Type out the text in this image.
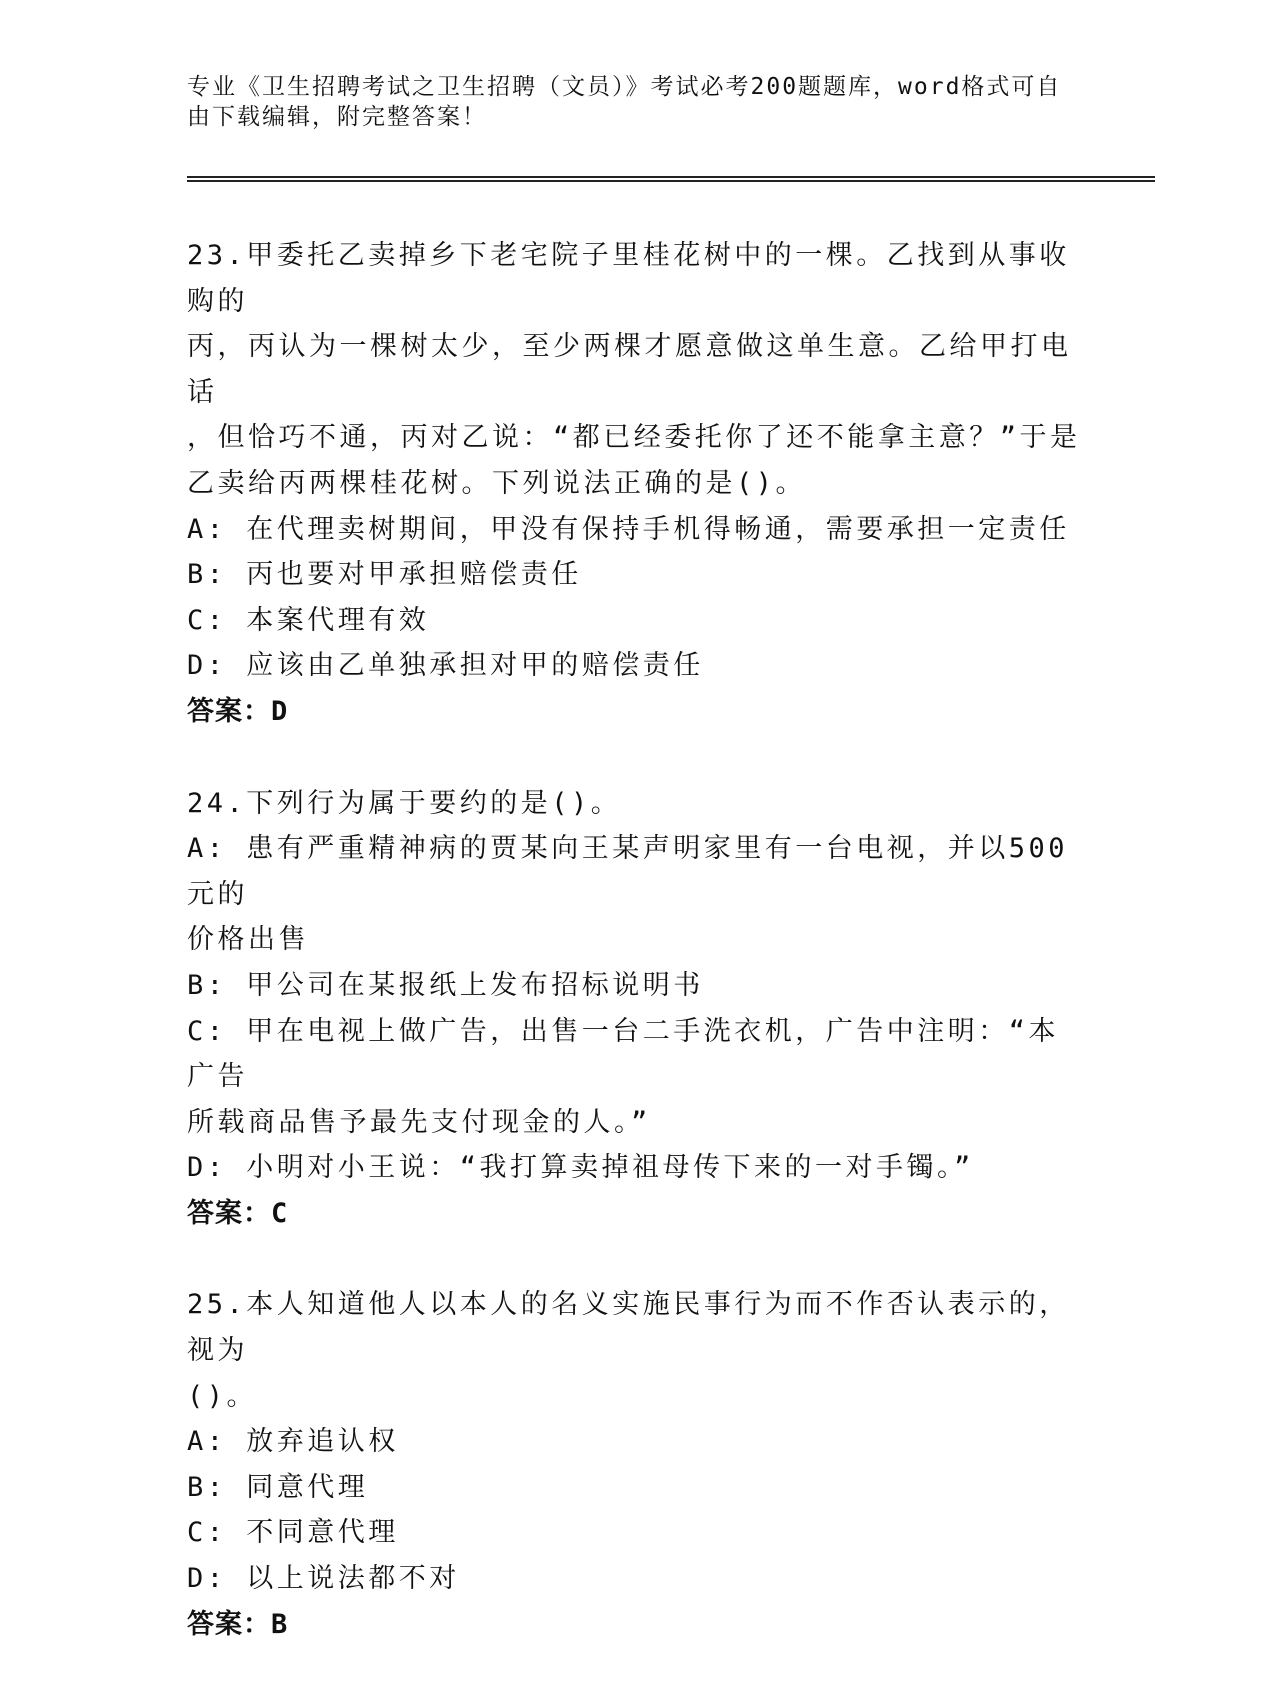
专业《卫生招聘考试之卫生招聘（文员）》考试必考200题题库，word格式可自
由下载编辑，附完整答案！
23.甲委托乙卖掉乡下老宅院子里桂花树中的一棵。乙找到从事收购的
丙，丙认为一棵树太少，至少两棵才愿意做这单生意。乙给甲打电话
，但恰巧不通，丙对乙说：“都已经委托你了还不能拿主意？”于是
乙卖给丙两棵桂花树。下列说法正确的是()。
A: 在代理卖树期间，甲没有保持手机得畅通，需要承担一定责任
B: 丙也要对甲承担赔偿责任
C: 本案代理有效
D: 应该由乙单独承担对甲的赔偿责任
答案：D
24.下列行为属于要约的是()。
A: 患有严重精神病的贾某向王某声明家里有一台电视，并以500元的
价格出售
B: 甲公司在某报纸上发布招标说明书
C: 甲在电视上做广告，出售一台二手洗衣机，广告中注明：“本广告
所载商品售予最先支付现金的人。”
D: 小明对小王说：“我打算卖掉祖母传下来的一对手镯。”
答案：C
25.本人知道他人以本人的名义实施民事行为而不作否认表示的，视为
()。
A: 放弃追认权
B: 同意代理
C: 不同意代理
D: 以上说法都不对
答案：B
